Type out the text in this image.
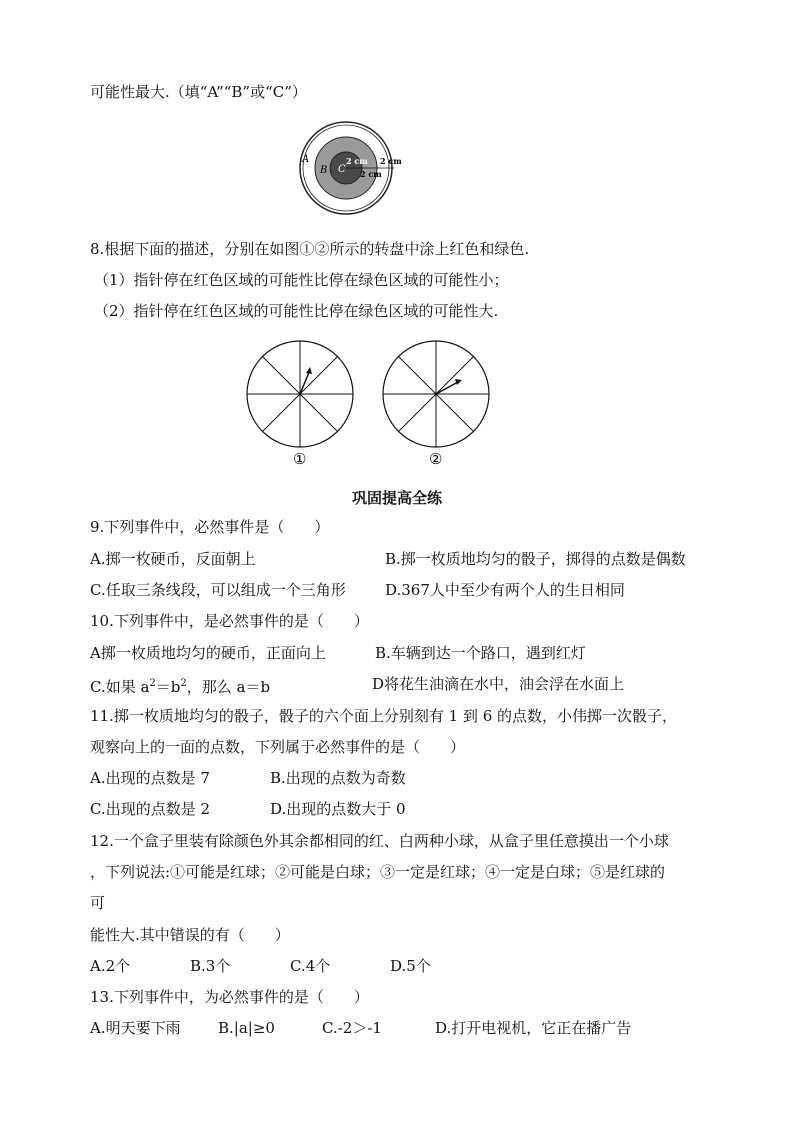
可能性最大.（填“A”“B”或“C”）
A
B C
2 cm 2 cm
2 cm
8.根据下面的描述，分别在如图①②所示的转盘中涂上红色和绿色.
（1）指针停在红色区域的可能性比停在绿色区域的可能性小；
（2）指针停在红色区域的可能性比停在绿色区域的可能性大.
①	②
巩固提高全练
9.下列事件中，必然事件是（　　）
A.掷一枚硬币，反面朝上	B.掷一枚质地均匀的骰子，掷得的点数是偶数
C.任取三条线段，可以组成一个三角形	D.367人中至少有两个人的生日相同
10.下列事件中，是必然事件的是（　　）
A掷一枚质地均匀的硬币，正面向上	B.车辆到达一个路口，遇到红灯
C.如果 $a^2=b^2$，那么 a＝b	D将花生油滴在水中，油会浮在水面上
11.掷一枚质地均匀的骰子，骰子的六个面上分别刻有 1 到 6 的点数，小伟掷一次骰子，
观察向上的一面的点数，下列属于必然事件的是（　　）
A.出现的点数是 7	B.出现的点数为奇数
C.出现的点数是 2	D.出现的点数大于 0
12.一个盒子里装有除颜色外其余都相同的红、白两种小球，从盒子里任意摸出一个小球
，下列说法:①可能是红球；②可能是白球；③一定是红球；④一定是白球；⑤是红球的
可
能性大.其中错误的有（　　）
A.2个	B.3个	C.4个	D.5个
13.下列事件中，为必然事件的是（　　）
A.明天要下雨 B.|a|≥0	C.-2＞-1	D.打开电视机，它正在播广告
